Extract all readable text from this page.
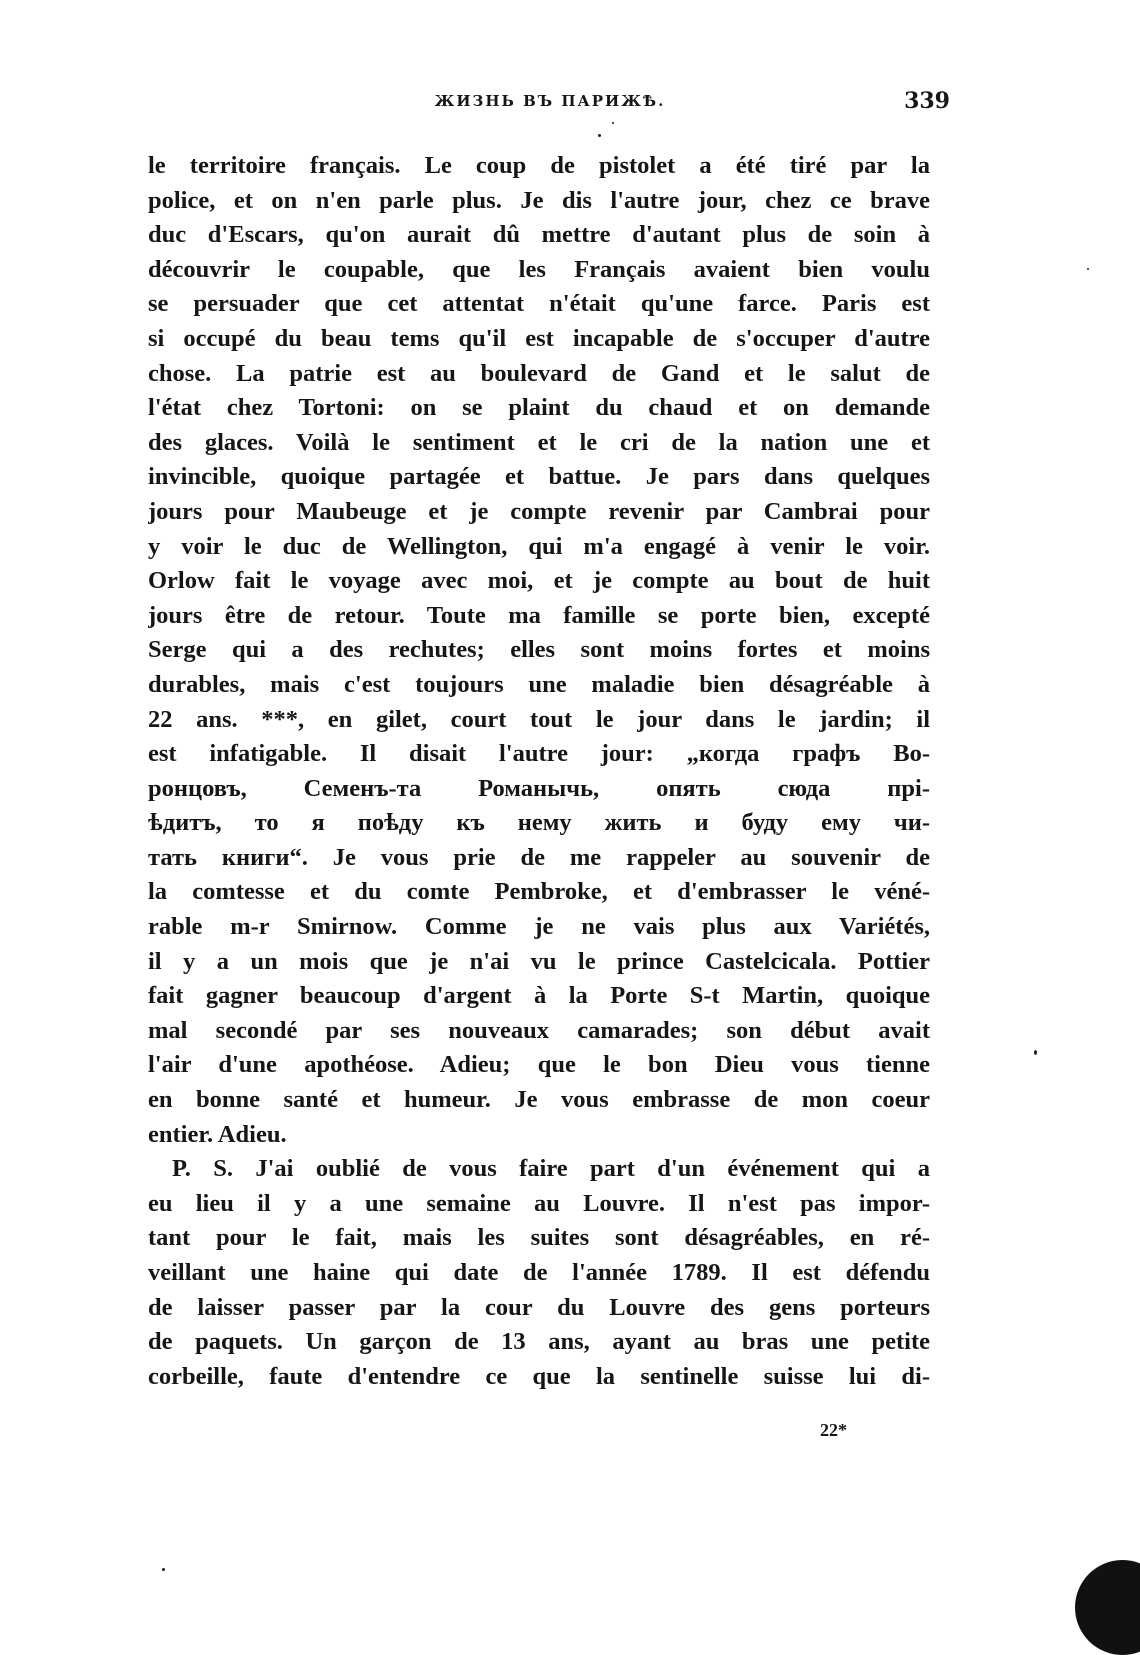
ЖИЗНЬ ВЪ ПАРИЖѢ.	339
le territoire français. Le coup de pistolet a été tiré par la
police, et on n'en parle plus. Je dis l'autre jour, chez ce brave
duc d'Escars, qu'on aurait dû mettre d'autant plus de soin à
découvrir le coupable, que les Français avaient bien voulu
se persuader que cet attentat n'était qu'une farce. Paris est
si occupé du beau tems qu'il est incapable de s'occuper d'autre
chose. La patrie est au boulevard de Gand et le salut de
l'état chez Tortoni: on se plaint du chaud et on demande
des glaces. Voilà le sentiment et le cri de la nation une et
invincible, quoique partagée et battue. Je pars dans quelques
jours pour Maubeuge et je compte revenir par Cambrai pour
y voir le duc de Wellington, qui m'a engagé à venir le voir.
Orlow fait le voyage avec moi, et je compte au bout de huit
jours être de retour. Toute ma famille se porte bien, excepté
Serge qui a des rechutes; elles sont moins fortes et moins
durables, mais c'est toujours une maladie bien désagréable à
22 ans. ***, en gilet, court tout le jour dans le jardin; il
est infatigable. Il disait l'autre jour: „когда графъ Во-
ронцовъ, Семенъ-та Романычь, опять сюда прі-
ѣдитъ, то я поѣду къ нему жить и буду ему чи-
тать книги“. Je vous prie de me rappeler au souvenir de
la comtesse et du comte Pembroke, et d'embrasser le véné-
rable m-r Smirnow. Comme je ne vais plus aux Variétés,
il y a un mois que je n'ai vu le prince Castelcicala. Pottier
fait gagner beaucoup d'argent à la Porte S-t Martin, quoique
mal secondé par ses nouveaux camarades; son début avait
l'air d'une apothéose. Adieu; que le bon Dieu vous tienne
en bonne santé et humeur. Je vous embrasse de mon coeur
entier. Adieu.
P. S. J'ai oublié de vous faire part d'un événement qui a
eu lieu il y a une semaine au Louvre. Il n'est pas impor-
tant pour le fait, mais les suites sont désagréables, en ré-
veillant une haine qui date de l'année 1789. Il est défendu
de laisser passer par la cour du Louvre des gens porteurs
de paquets. Un garçon de 13 ans, ayant au bras une petite
corbeille, faute d'entendre ce que la sentinelle suisse lui di-
22*
